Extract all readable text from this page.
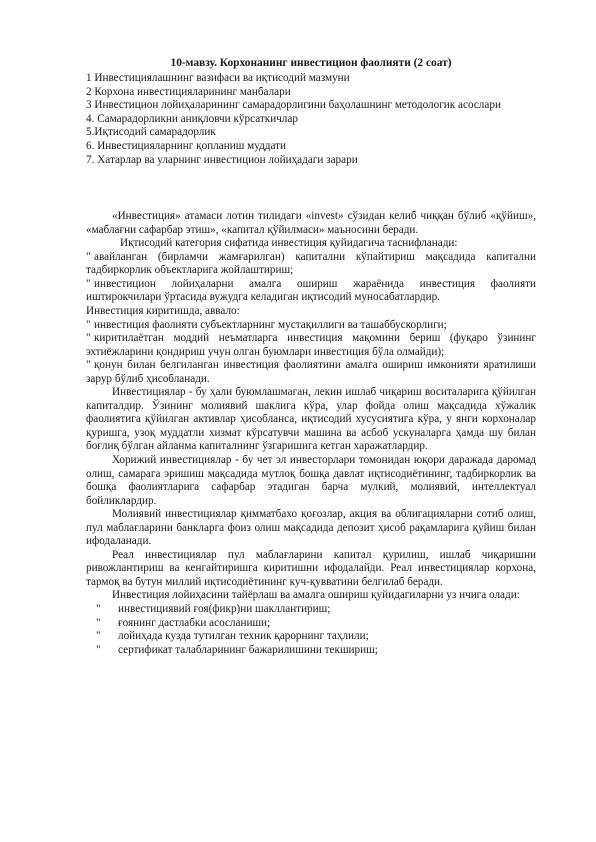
10-мавзу. Корхонанинг инвестицион фаолияти (2 соат)
1 Инвестициялашнинг вазифаси ва иқтисодий мазмуни
2 Корхона инвестицияларининг манбалари
3 Инвестицион лойиҳаларининг самарадорлигини баҳолашнинг методологик асослари
4. Самарадорликни аниқловчи кўрсаткичлар
5.Иқтисодий самарадорлик
6. Инвестицияларнинг қопланиш муддати
7. Хатарлар ва уларнинг инвестицион лойиҳадаги зарари

«Инвестиция» атамаси лотин тилидаги «invest» сўзидан келиб чиққан бўлиб «қўйиш», «маблағни сафарбар этиш», «капитал қўйилмаси» маъносини беради.

Иқтисодий категория сифатида инвестиция қуйидагича таснифланади:

" авайланган (бирламчи жамғарилган) капитални кўпайтириш мақсадида капитални тадбиркорлик объектларига жойлаштириш;

" инвестицион лойиҳаларни амалга ошириш жараёнида инвестиция фаолияти иштирокчилари ўртасида вужудга келадиган иқтисодий муносабатлардир.

Инвестиция киритишда, аввало:

" инвестиция фаолияти субъектларнинг мустақиллиги ва ташаббускорлиги;

" киритилаётган моддий неъматларга инвестиция мақомини бериш (фуқаро ўзининг эхтиёжларини қондириш учун олган буюмлари инвестиция бўла олмайди);

" қонун билан белгиланган инвестиция фаолиятини амалга ошириш имконияти яратилиши зарур бўлиб ҳисобланади.

Инвестициялар - бу ҳали буюмлашмаган, лекин ишлаб чиқариш воситаларига қўйилган капиталдир. Ўзининг молиявий шаклига кўра, улар фойда олиш мақсадида хўжалик фаолиятига қўйилган активлар ҳисобланса, иқтисодий хусусиятига кўра, у янги корхоналар қуришга, узоқ муддатли хизмат кўрсатувчи машина ва асбоб ускуналарга ҳамда шу билан боғлиқ бўлган айланма капиталнинг ўзгаришига кетган харажатлардир.

Хорижий инвестициялар - бу чет эл инвесторлари томонидан юқори даражада даромад олиш, самарага эришиш мақсадида мутлоқ бошқа давлат иқтисодиётининг, тадбиркорлик ва бошқа фаолиятларига сафарбар этадиган барча мулкий, молиявий, интеллектуал бойликлардир.

Молиявий инвестициялар қимматбахо қоғозлар, акция ва облигацияларни сотиб олиш, пул маблағларини банкларга фоиз олиш мақсадида депозит ҳисоб рақамларига қуйиш билан ифодаланади.

Реал инвестициялар пул маблағларини капитал қурилиш, ишлаб чиқаришни ривожлантириш ва кенгайтиришга киритишни ифодалайди. Реал инвестициялар корхона, тармоқ ва бутун миллий иқтисодиётининг куч-қувватини белгилаб беради.

Инвестиция лойиҳасини тайёрлаш ва амалга ошириш қуйидагиларни уз ичига олади:

" инвестициявий ғоя(фикр)ни шакллантириш;

" ғоянинг дастлабки асосланиши;

" лойиҳада кузда тутилган техник қарорнинг таҳлили;

" сертификат талабларининг бажарилишини текшириш;
